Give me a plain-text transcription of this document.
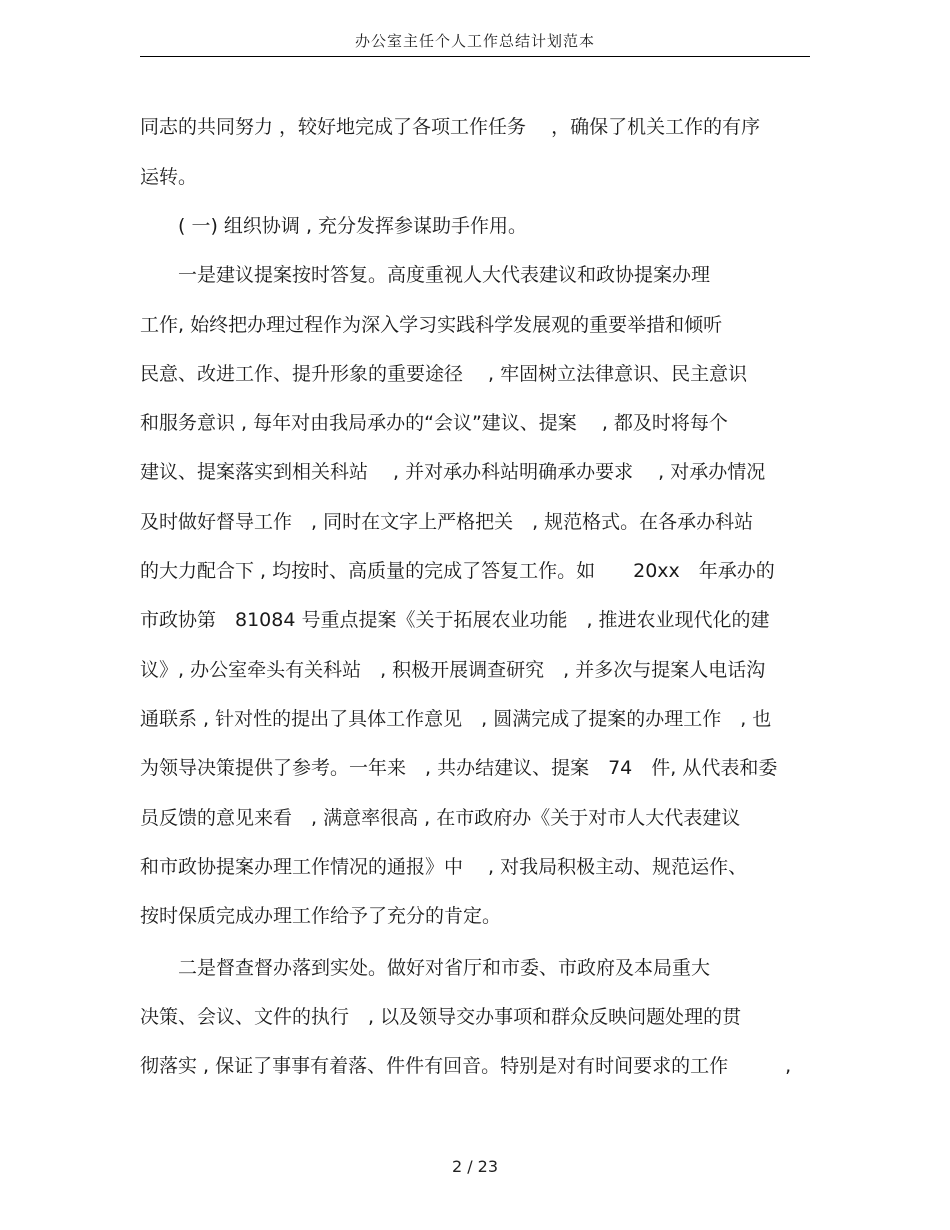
办公室主任个人工作总结计划范本
同志的共同努力 ，较好地完成了各项工作任务　 ，确保了机关工作的有序
运转。
　　( 一) 组织协调 , 充分发挥参谋助手作用。
　　一是建议提案按时答复。高度重视人大代表建议和政协提案办理
工作, 始终把办理过程作为深入学习实践科学发展观的重要举措和倾听
民意、改进工作、提升形象的重要途径　 , 牢固树立法律意识、民主意识
和服务意识 , 每年对由我局承办的“会议”建议、提案　 , 都及时将每个
建议、提案落实到相关科站　 , 并对承办科站明确承办要求　 , 对承办情况
及时做好督导工作　, 同时在文字上严格把关　, 规范格式。在各承办科站
的大力配合下 , 均按时、高质量的完成了答复工作。如　　20xx　年承办的
市政协第　81084 号重点提案《关于拓展农业功能　, 推进农业现代化的建
议》, 办公室牵头有关科站　, 积极开展调查研究　, 并多次与提案人电话沟
通联系 , 针对性的提出了具体工作意见　, 圆满完成了提案的办理工作　, 也
为领导决策提供了参考。一年来　, 共办结建议、提案　74　件, 从代表和委
员反馈的意见来看　, 满意率很高 , 在市政府办《关于对市人大代表建议
和市政协提案办理工作情况的通报》中　 , 对我局积极主动、规范运作、
按时保质完成办理工作给予了充分的肯定。
　　二是督查督办落到实处。做好对省厅和市委、市政府及本局重大
决策、会议、文件的执行　, 以及领导交办事项和群众反映问题处理的贯
彻落实 , 保证了事事有着落、件件有回音。特别是对有时间要求的工作　　　,
2 / 23
